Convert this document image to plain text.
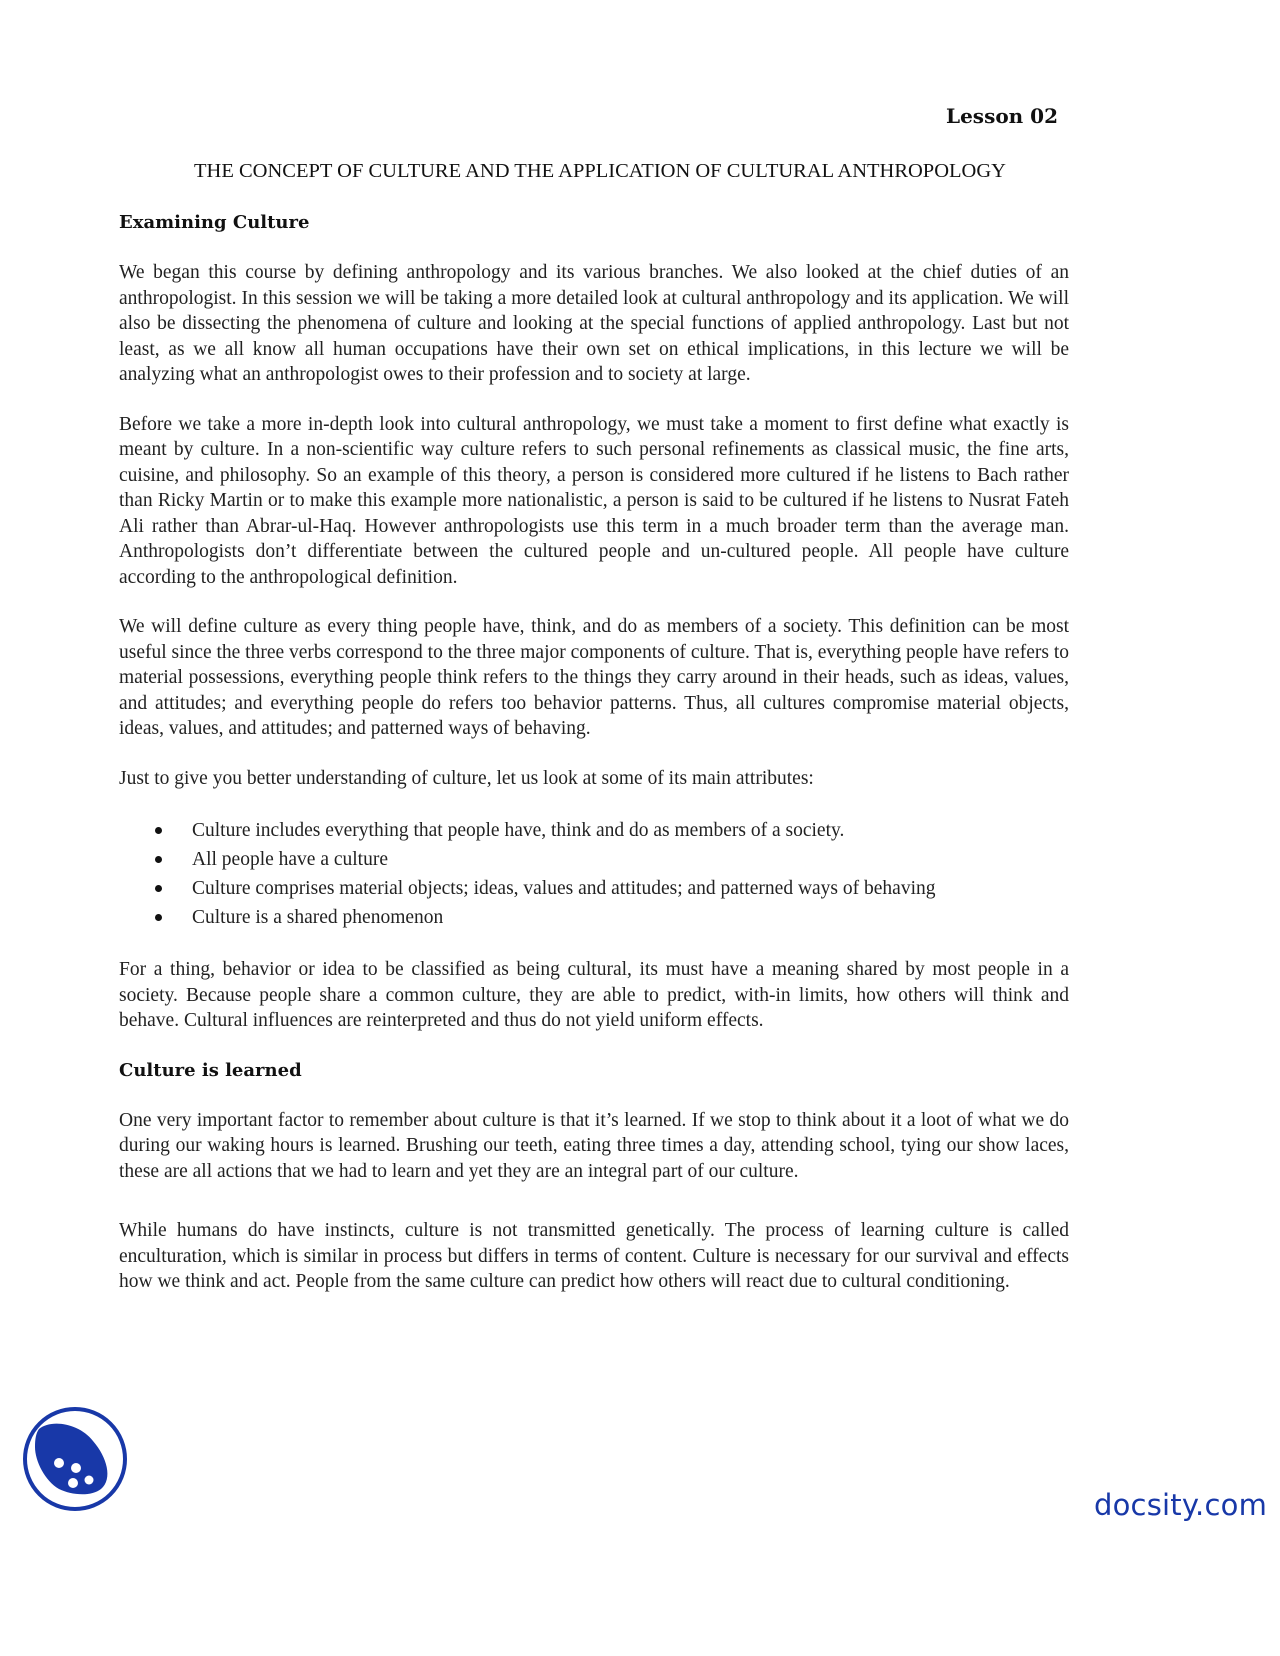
Lesson 02
THE CONCEPT OF CULTURE AND THE APPLICATION OF CULTURAL ANTHROPOLOGY
Examining Culture

We began this course by defining anthropology and its various branches. We also looked at the chief duties of an anthropologist. In this session we will be taking a more detailed look at cultural anthropology and its application. We will also be dissecting the phenomena of culture and looking at the special functions of applied anthropology. Last but not least, as we all know all human occupations have their own set on ethical implications, in this lecture we will be analyzing what an anthropologist owes to their profession and to society at large.

Before we take a more in-depth look into cultural anthropology, we must take a moment to first define what exactly is meant by culture. In a non-scientific way culture refers to such personal refinements as classical music, the fine arts, cuisine, and philosophy. So an example of this theory, a person is considered more cultured if he listens to Bach rather than Ricky Martin or to make this example more nationalistic, a person is said to be cultured if he listens to Nusrat Fateh Ali rather than Abrar-ul-Haq. However anthropologists use this term in a much broader term than the average man. Anthropologists don’t differentiate between the cultured people and un-cultured people. All people have culture according to the anthropological definition.

We will define culture as every thing people have, think, and do as members of a society. This definition can be most useful since the three verbs correspond to the three major components of culture. That is, everything people have refers to material possessions, everything people think refers to the things they carry around in their heads, such as ideas, values, and attitudes; and everything people do refers too behavior patterns. Thus, all cultures compromise material objects, ideas, values, and attitudes; and patterned ways of behaving.

Just to give you better understanding of culture, let us look at some of its main attributes:

Culture includes everything that people have, think and do as members of a society.
All people have a culture
Culture comprises material objects; ideas, values and attitudes; and patterned ways of behaving
Culture is a shared phenomenon

For a thing, behavior or idea to be classified as being cultural, its must have a meaning shared by most people in a society. Because people share a common culture, they are able to predict, with-in limits, how others will think and behave. Cultural influences are reinterpreted and thus do not yield uniform effects.

Culture is learned

One very important factor to remember about culture is that it’s learned. If we stop to think about it a loot of what we do during our waking hours is learned. Brushing our teeth, eating three times a day, attending school, tying our show laces, these are all actions that we had to learn and yet they are an integral part of our culture.

While humans do have instincts, culture is not transmitted genetically. The process of learning culture is called enculturation, which is similar in process but differs in terms of content. Culture is necessary for our survival and effects how we think and act. People from the same culture can predict how others will react due to cultural conditioning.

docsity.com
